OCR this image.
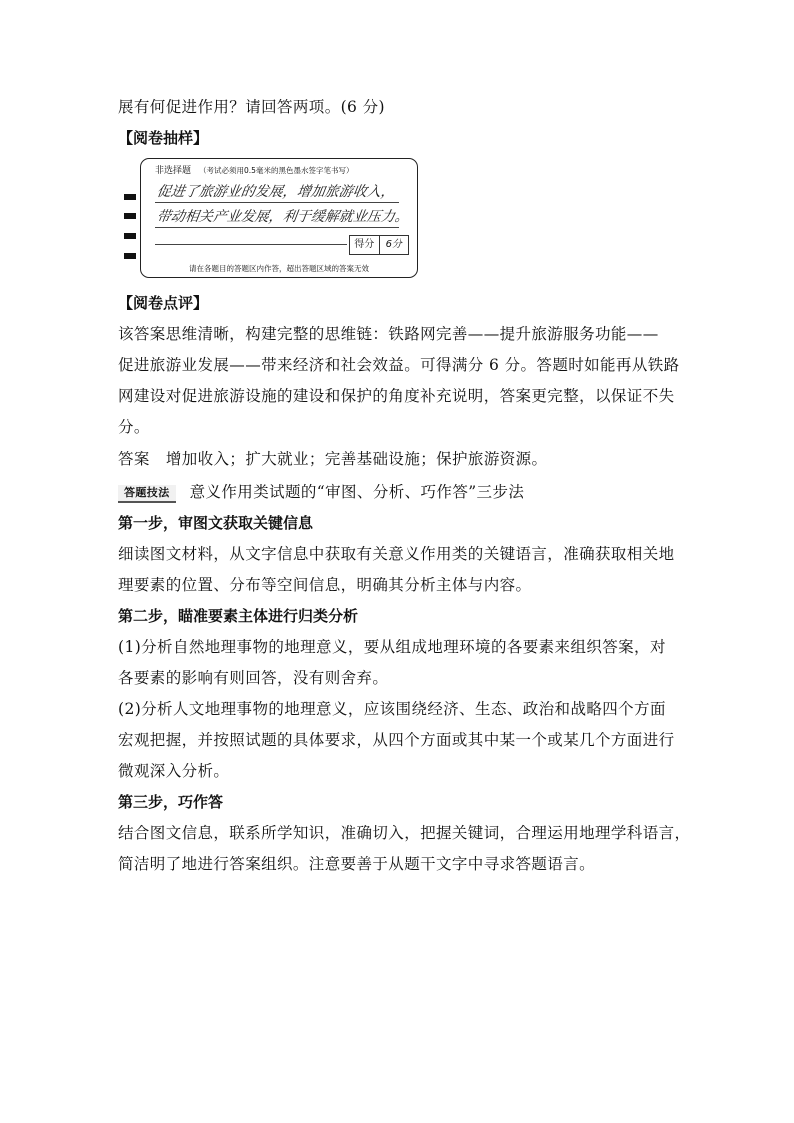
展有何促进作用？请回答两项。(6 分)
【阅卷抽样】
非选择题 （考试必须用0.5毫米的黑色墨水签字笔书写）
促进了旅游业的发展，增加旅游收入，
带动相关产业发展，利于缓解就业压力。
得分	6分
请在各题目的答题区内作答，超出答题区域的答案无效
【阅卷点评】
该答案思维清晰，构建完整的思维链：铁路网完善——提升旅游服务功能——
促进旅游业发展——带来经济和社会效益。可得满分 6 分。答题时如能再从铁路
网建设对促进旅游设施的建设和保护的角度补充说明，答案更完整，以保证不失
分。
答案 增加收入；扩大就业；完善基础设施；保护旅游资源。
答题技法 意义作用类试题的“审图、分析、巧作答”三步法
第一步，审图文获取关键信息
细读图文材料，从文字信息中获取有关意义作用类的关键语言，准确获取相关地
理要素的位置、分布等空间信息，明确其分析主体与内容。
第二步，瞄准要素主体进行归类分析
(1)分析自然地理事物的地理意义，要从组成地理环境的各要素来组织答案，对
各要素的影响有则回答，没有则舍弃。
(2)分析人文地理事物的地理意义，应该围绕经济、生态、政治和战略四个方面
宏观把握，并按照试题的具体要求，从四个方面或其中某一个或某几个方面进行
微观深入分析。
第三步，巧作答
结合图文信息，联系所学知识，准确切入，把握关键词，合理运用地理学科语言，
简洁明了地进行答案组织。注意要善于从题干文字中寻求答题语言。
